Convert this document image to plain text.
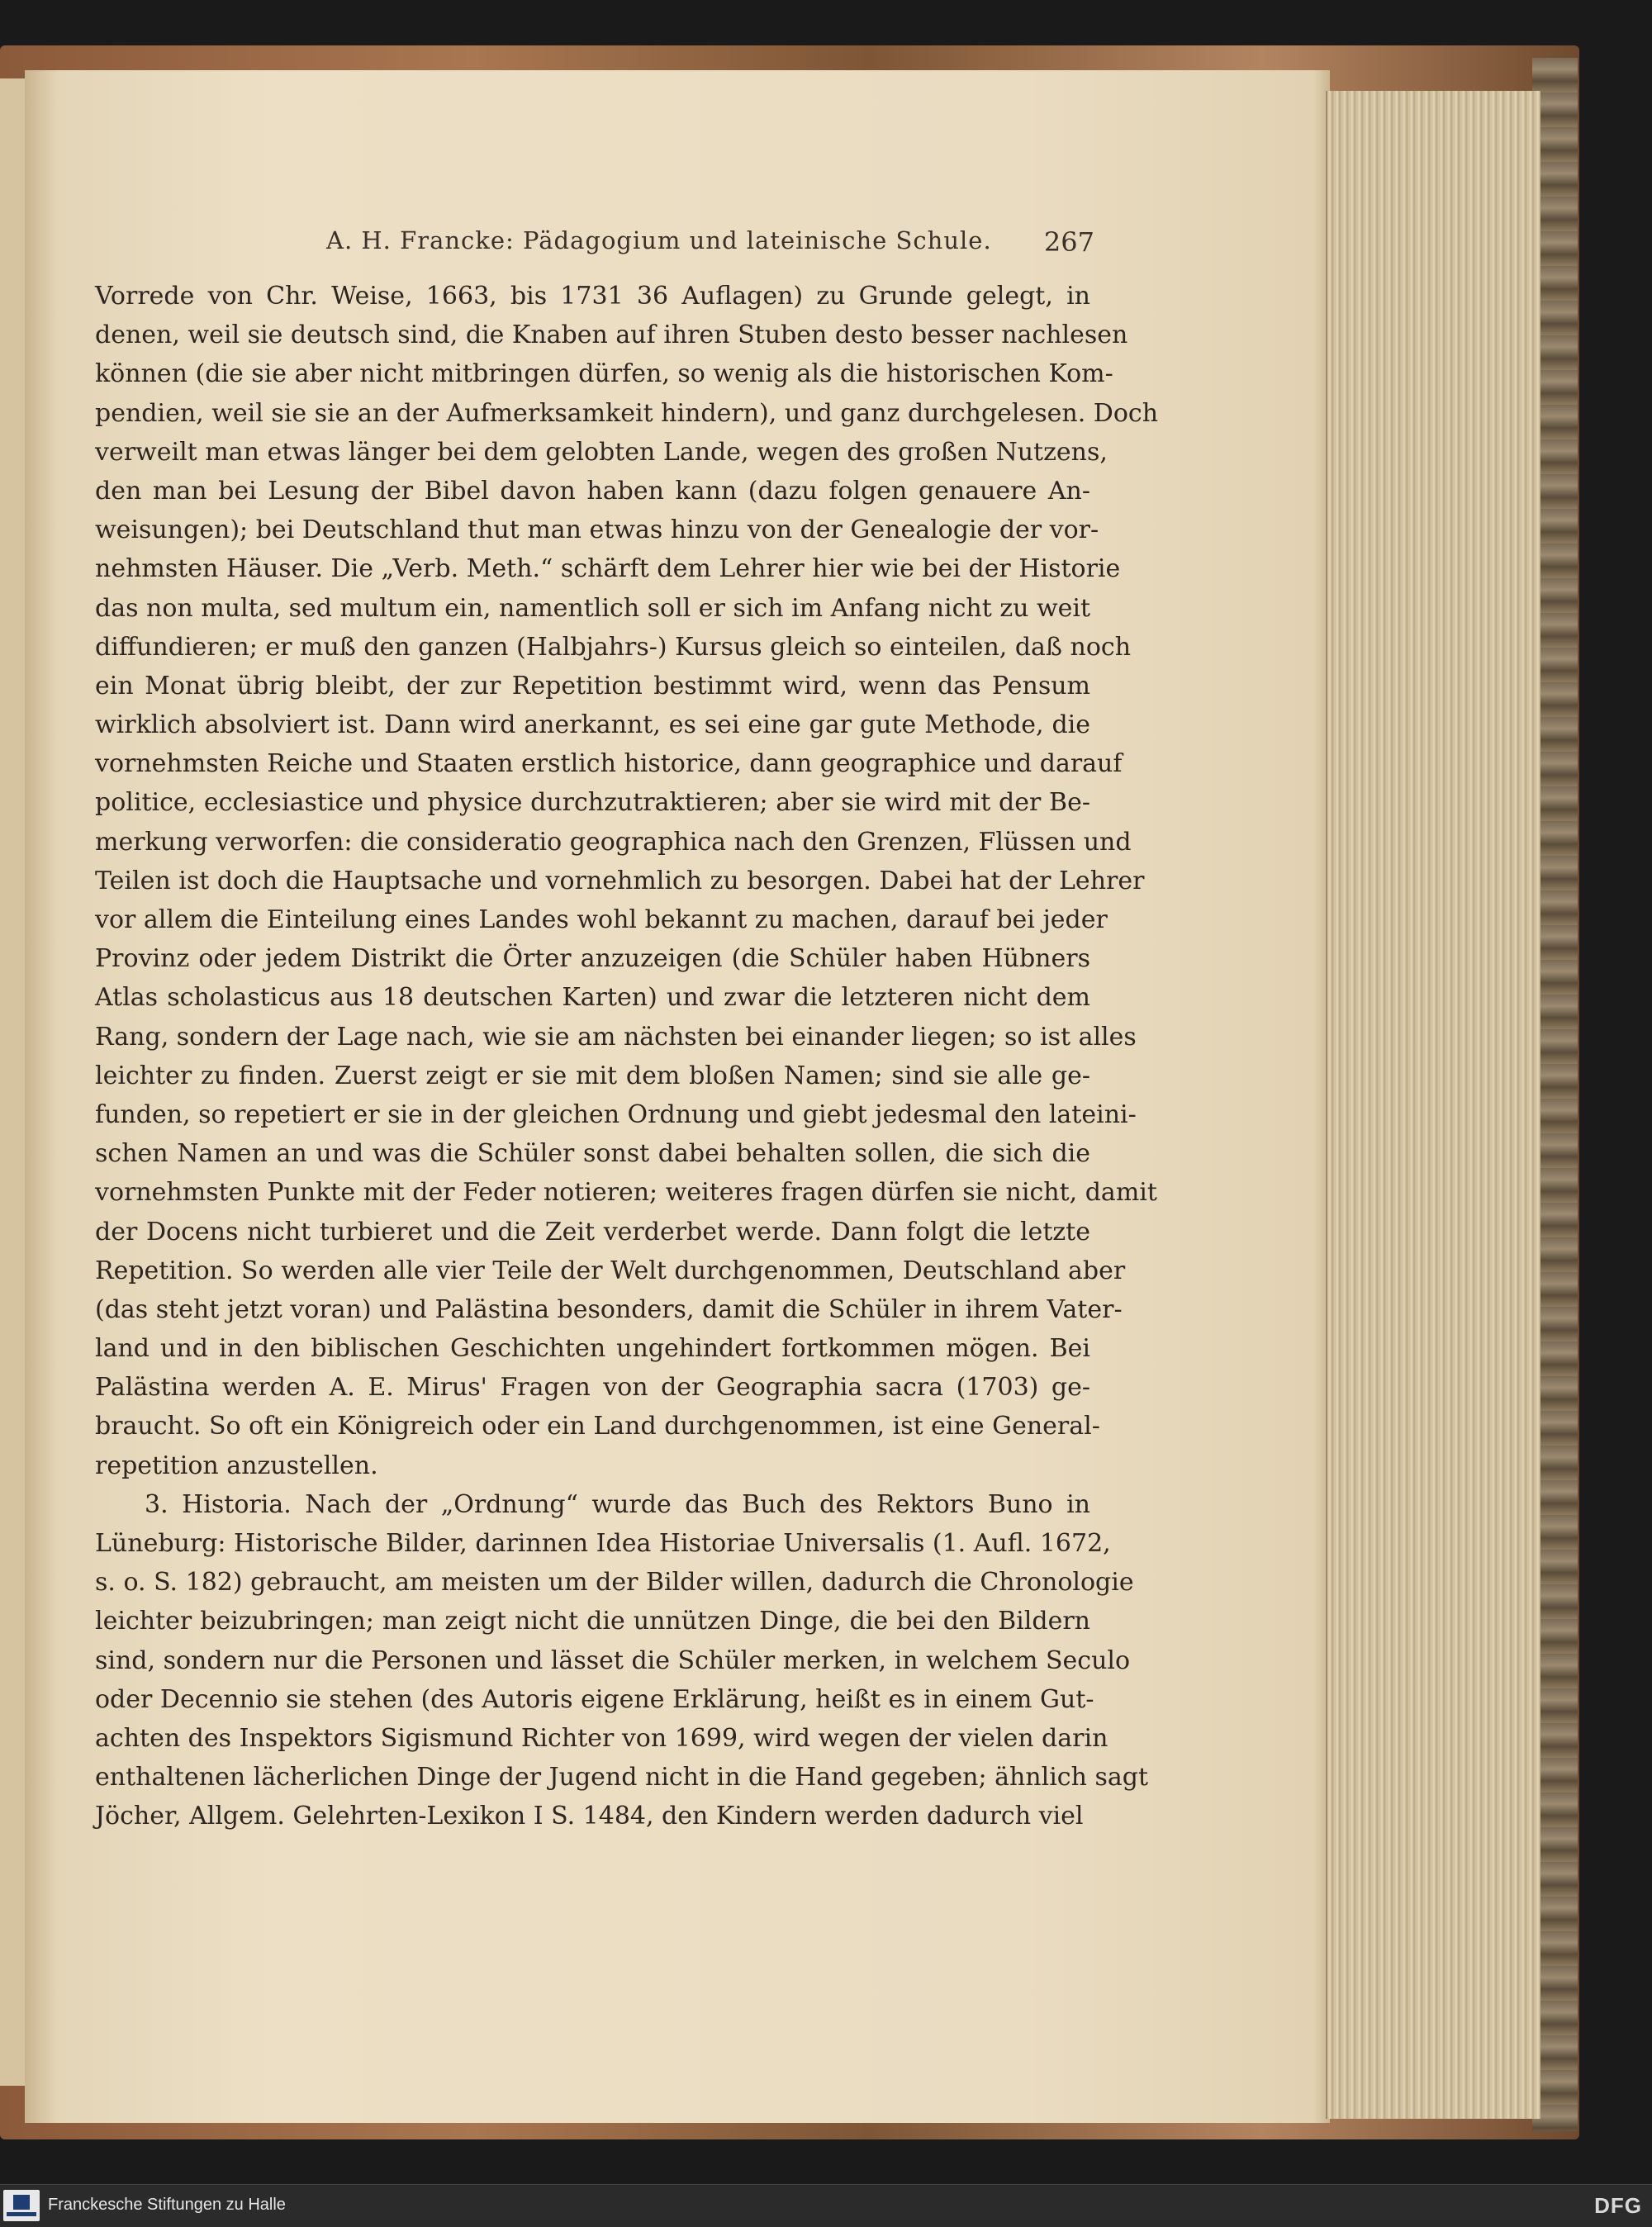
A. H. Francke: Pädagogium und lateinische Schule. 267
Vorrede von Chr. Weise, 1663, bis 1731 36 Auflagen) zu Grunde gelegt, in
denen, weil sie deutsch sind, die Knaben auf ihren Stuben desto besser nachlesen
können (die sie aber nicht mitbringen dürfen, so wenig als die historischen Kom-
pendien, weil sie sie an der Aufmerksamkeit hindern), und ganz durchgelesen. Doch
verweilt man etwas länger bei dem gelobten Lande, wegen des großen Nutzens,
den man bei Lesung der Bibel davon haben kann (dazu folgen genauere An-
weisungen); bei Deutschland thut man etwas hinzu von der Genealogie der vor-
nehmsten Häuser. Die „Verb. Meth.“ schärft dem Lehrer hier wie bei der Historie
das non multa, sed multum ein, namentlich soll er sich im Anfang nicht zu weit
diffundieren; er muß den ganzen (Halbjahrs-) Kursus gleich so einteilen, daß noch
ein Monat übrig bleibt, der zur Repetition bestimmt wird, wenn das Pensum
wirklich absolviert ist. Dann wird anerkannt, es sei eine gar gute Methode, die
vornehmsten Reiche und Staaten erstlich historice, dann geographice und darauf
politice, ecclesiastice und physice durchzutraktieren; aber sie wird mit der Be-
merkung verworfen: die consideratio geographica nach den Grenzen, Flüssen und
Teilen ist doch die Hauptsache und vornehmlich zu besorgen. Dabei hat der Lehrer
vor allem die Einteilung eines Landes wohl bekannt zu machen, darauf bei jeder
Provinz oder jedem Distrikt die Örter anzuzeigen (die Schüler haben Hübners
Atlas scholasticus aus 18 deutschen Karten) und zwar die letzteren nicht dem
Rang, sondern der Lage nach, wie sie am nächsten bei einander liegen; so ist alles
leichter zu finden. Zuerst zeigt er sie mit dem bloßen Namen; sind sie alle ge-
funden, so repetiert er sie in der gleichen Ordnung und giebt jedesmal den lateini-
schen Namen an und was die Schüler sonst dabei behalten sollen, die sich die
vornehmsten Punkte mit der Feder notieren; weiteres fragen dürfen sie nicht, damit
der Docens nicht turbieret und die Zeit verderbet werde. Dann folgt die letzte
Repetition. So werden alle vier Teile der Welt durchgenommen, Deutschland aber
(das steht jetzt voran) und Palästina besonders, damit die Schüler in ihrem Vater-
land und in den biblischen Geschichten ungehindert fortkommen mögen. Bei
Palästina werden A. E. Mirus' Fragen von der Geographia sacra (1703) ge-
braucht. So oft ein Königreich oder ein Land durchgenommen, ist eine General-
repetition anzustellen.
3. Historia. Nach der „Ordnung“ wurde das Buch des Rektors Buno in
Lüneburg: Historische Bilder, darinnen Idea Historiae Universalis (1. Aufl. 1672,
s. o. S. 182) gebraucht, am meisten um der Bilder willen, dadurch die Chronologie
leichter beizubringen; man zeigt nicht die unnützen Dinge, die bei den Bildern
sind, sondern nur die Personen und lässet die Schüler merken, in welchem Seculo
oder Decennio sie stehen (des Autoris eigene Erklärung, heißt es in einem Gut-
achten des Inspektors Sigismund Richter von 1699, wird wegen der vielen darin
enthaltenen lächerlichen Dinge der Jugend nicht in die Hand gegeben; ähnlich sagt
Jöcher, Allgem. Gelehrten-Lexikon I S. 1484, den Kindern werden dadurch viel
Franckesche Stiftungen zu Halle	DFG
